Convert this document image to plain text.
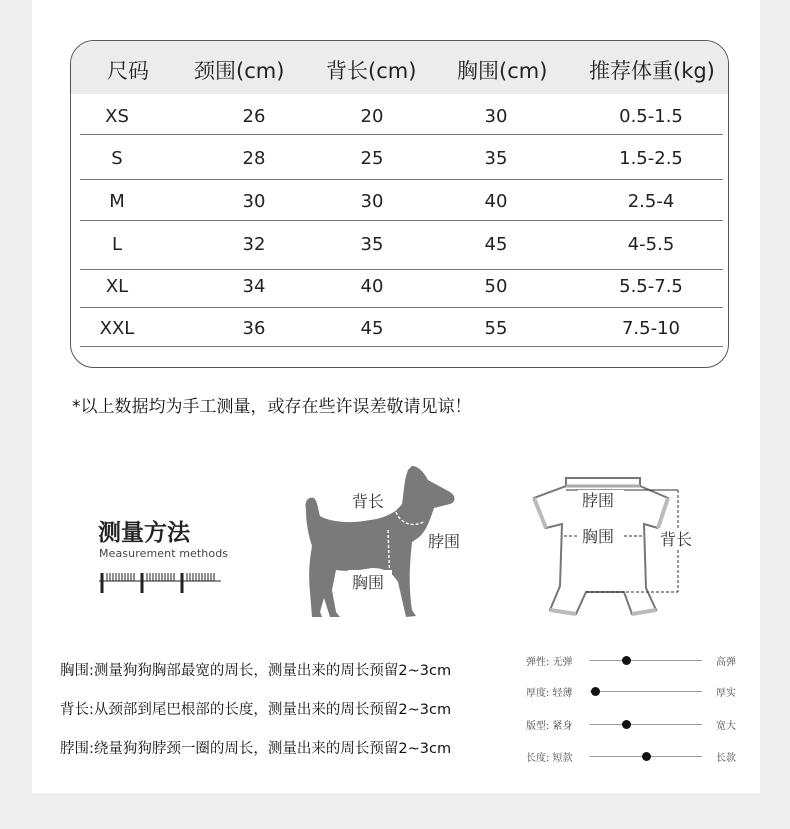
尺码 颈围(cm) 背长(cm) 胸围(cm) 推荐体重(kg)
XS	26	20	30	0.5-1.5
S	28	25	35	1.5-2.5
M	30	30	40	2.5-4
L	32	35	45	4-5.5
XL	34	40	50	5.5-7.5
XXL	36	45	55	7.5-10
*以上数据均为手工测量，或存在些许误差敬请见谅！
测量方法
Measurement methods
背长
脖围
胸围
脖围
胸围	背长
胸围:测量狗狗胸部最宽的周长，测量出来的周长预留2~3cm
背长:从颈部到尾巴根部的长度，测量出来的周长预留2~3cm
脖围:绕量狗狗脖颈一圈的周长，测量出来的周长预留2~3cm
弹性: 无弹	高弹
厚度: 轻薄	厚实
版型: 紧身	宽大
长度: 短款	长款
